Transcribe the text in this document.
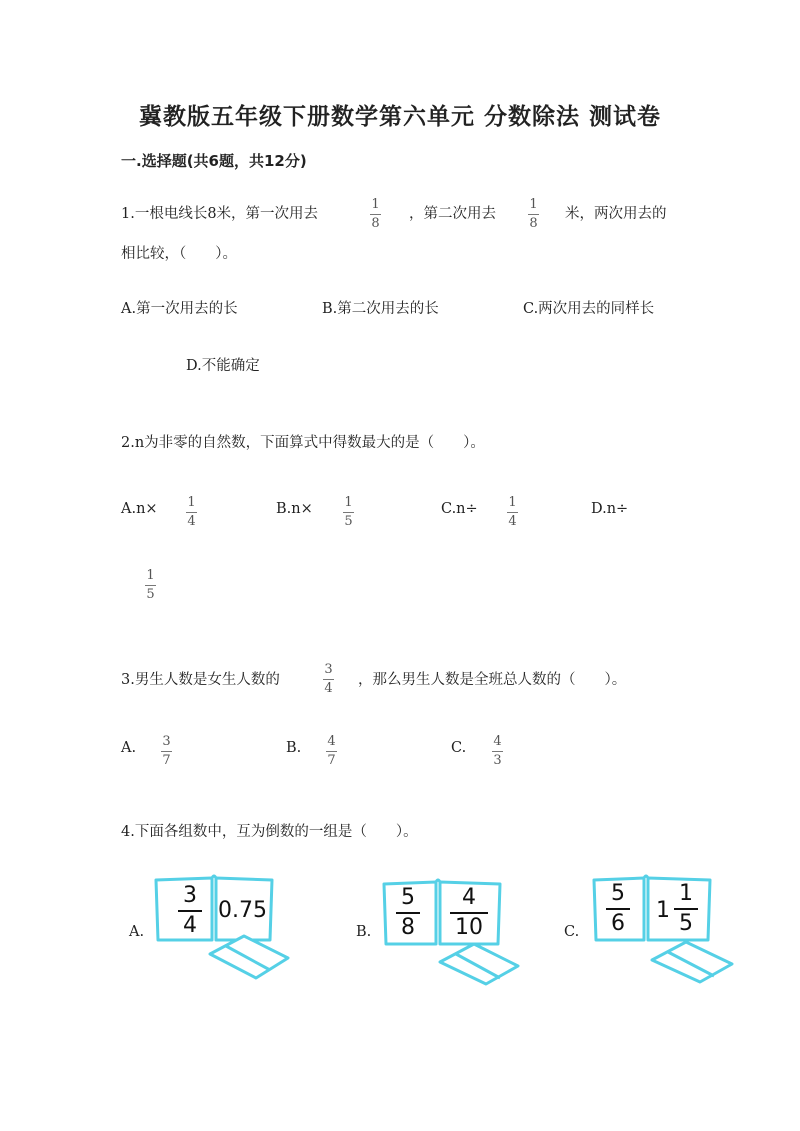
冀教版五年级下册数学第六单元 分数除法 测试卷
一.选择题(共6题，共12分)
1.一根电线长8米，第一次用去
1
8
，第二次用去
1
8
米，两次用去的
相比较，（　　）。
A.第一次用去的长	B.第二次用去的长	C.两次用去的同样长
D.不能确定
2.n为非零的自然数，下面算式中得数最大的是（　　）。
A.n× 1
4
B.n× 1
5
C.n÷ 1
4
D.n÷
1
5
3.男生人数是女生人数的
3
4
，那么男生人数是全班总人数的（　　）。
A. 3
7
B. 4
7
C. 4
3
4.下面各组数中，互为倒数的一组是（　　）。
A.
3
4
0.75
B.
5
8
4
10	C.
5
6
1
1
5
